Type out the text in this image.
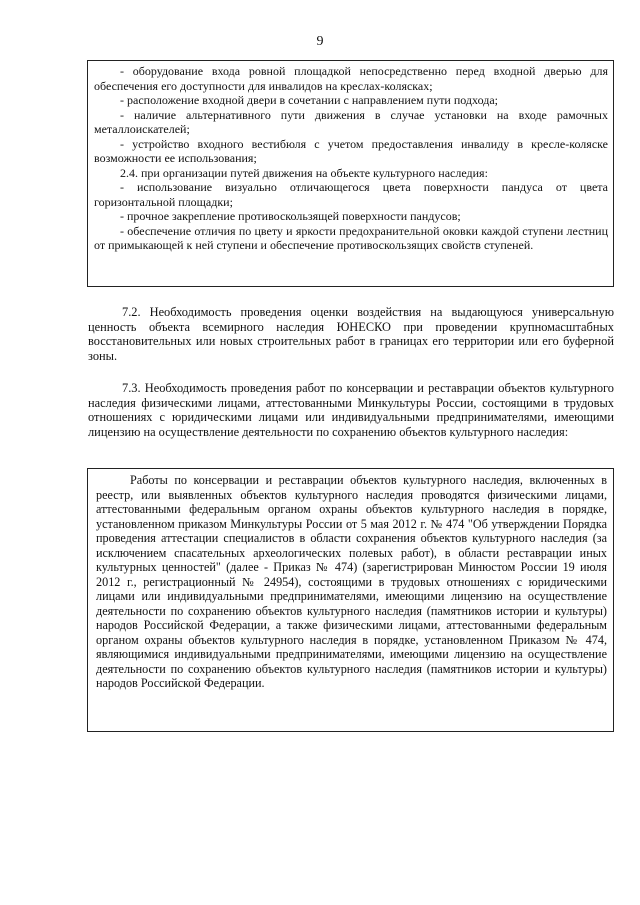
9

- оборудование входа ровной площадкой непосредственно перед входной дверью для обеспечения его доступности для инвалидов на креслах-колясках;

- расположение входной двери в сочетании с направлением пути подхода;

- наличие альтернативного пути движения в случае установки на входе рамочных металлоискателей;

- устройство входного вестибюля с учетом предоставления инвалиду в кресле-коляске возможности ее использования;

2.4. при организации путей движения на объекте культурного наследия:

- использование визуально отличающегося цвета поверхности пандуса от цвета горизонтальной площадки;

- прочное закрепление противоскользящей поверхности пандусов;

- обеспечение отличия по цвету и яркости предохранительной оковки каждой ступени лестниц от примыкающей к ней ступени и обеспечение противоскользящих свойств ступеней.

7.2. Необходимость проведения оценки воздействия на выдающуюся универсальную ценность объекта всемирного наследия ЮНЕСКО при проведении крупномасштабных восстановительных или новых строительных работ в границах его территории или его буферной зоны.

7.3. Необходимость проведения работ по консервации и реставрации объектов культурного наследия физическими лицами, аттестованными Минкультуры России, состоящими в трудовых отношениях с юридическими лицами или индивидуальными предпринимателями, имеющими лицензию на осуществление деятельности по сохранению объектов культурного наследия:

Работы по консервации и реставрации объектов культурного наследия, включенных в реестр, или выявленных объектов культурного наследия проводятся физическими лицами, аттестованными федеральным органом охраны объектов культурного наследия в порядке, установленном приказом Минкультуры России от 5 мая 2012 г. № 474 "Об утверждении Порядка проведения аттестации специалистов в области сохранения объектов культурного наследия (за исключением спасательных археологических полевых работ), в области реставрации иных культурных ценностей" (далее - Приказ № 474) (зарегистрирован Минюстом России 19 июля 2012 г., регистрационный № 24954), состоящими в трудовых отношениях с юридическими лицами или индивидуальными предпринимателями, имеющими лицензию на осуществление деятельности по сохранению объектов культурного наследия (памятников истории и культуры) народов Российской Федерации, а также физическими лицами, аттестованными федеральным органом охраны объектов культурного наследия в порядке, установленном Приказом № 474, являющимися индивидуальными предпринимателями, имеющими лицензию на осуществление деятельности по сохранению объектов культурного наследия (памятников истории и культуры) народов Российской Федерации.
